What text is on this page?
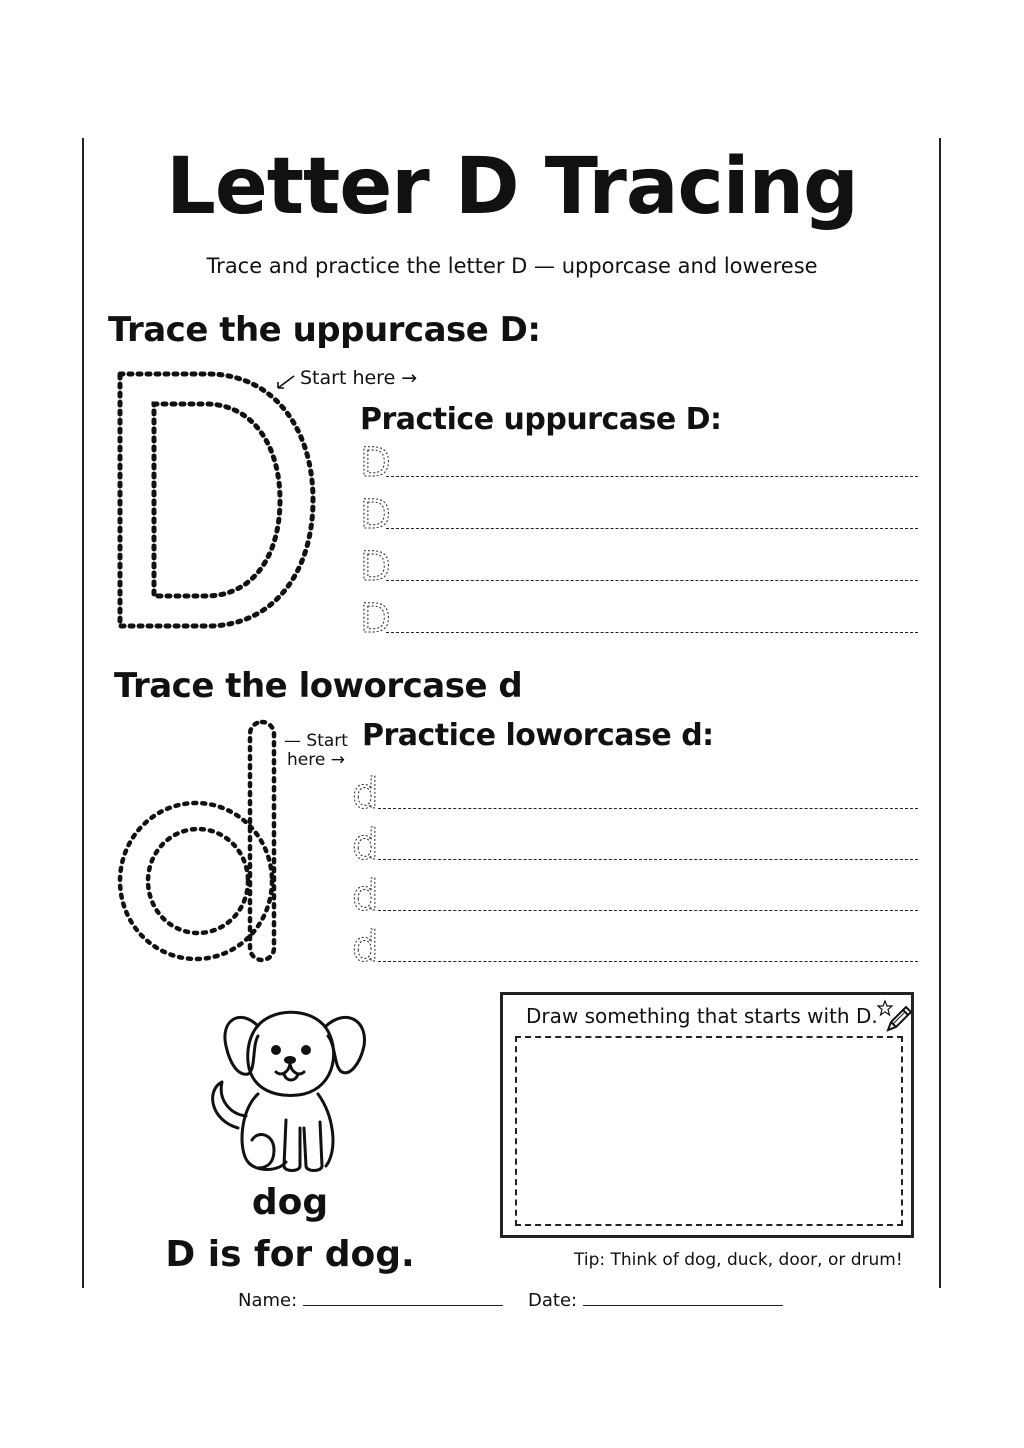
Letter D Tracing
Trace and practice the letter D — upporcase and lowerese
Trace the uppurcase D:
Start here →
Practice uppurcase D:
D
D
D
D
Trace the loworcase d
— Start
here →
Practice loworcase d:
d
d
d
d
dog
D is for dog.
Draw something that starts with D.
Tip: Think of dog, duck, door, or drum!
Name:	Date:
